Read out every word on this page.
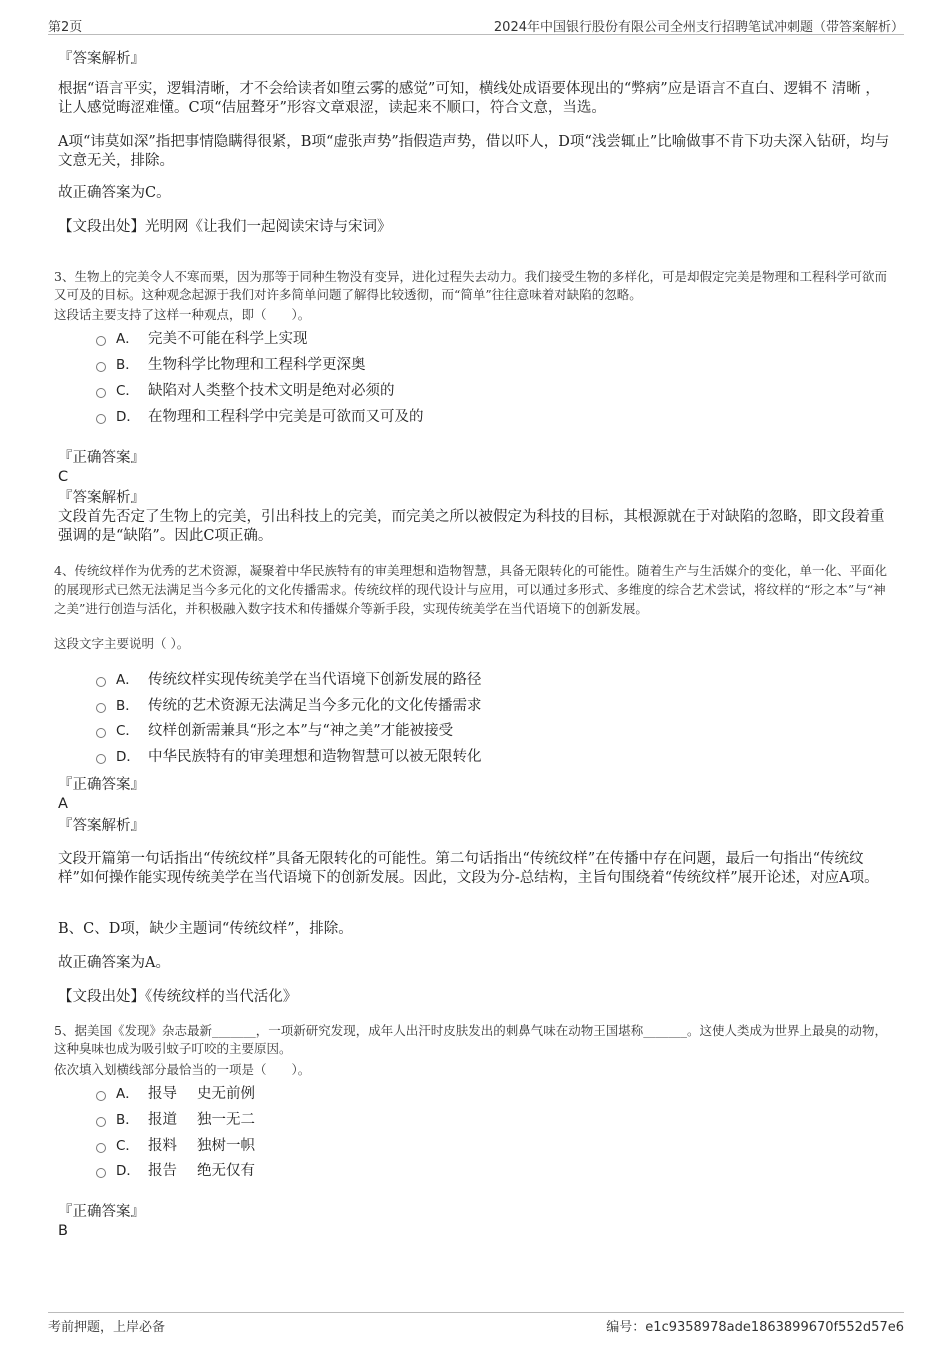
第2页	2024年中国银行股份有限公司全州支行招聘笔试冲刺题（带答案解析）
『答案解析』
根据“语言平实，逻辑清晰，才不会给读者如堕云雾的感觉”可知，横线处成语要体现出的“弊病”应是语言不直白、逻辑不 清晰 ，让人感觉晦涩难懂。C项“佶屈聱牙”形容文章艰涩，读起来不顺口，符合文意，当选。
A项“讳莫如深”指把事情隐瞒得很紧，B项“虚张声势”指假造声势，借以吓人，D项“浅尝辄止”比喻做事不肯下功夫深入钻研，均与文意无关，排除。
故正确答案为C。
【文段出处】光明网《让我们一起阅读宋诗与宋词》
3、生物上的完美令人不寒而栗，因为那等于同种生物没有变异，进化过程失去动力。我们接受生物的多样化，可是却假定完美是物理和工程科学可欲而又可及的目标。这种观念起源于我们对许多简单问题了解得比较透彻，而“简单”往往意味着对缺陷的忽略。
这段话主要支持了这样一种观点，即（　　）。
A． 完美不可能在科学上实现
B． 生物科学比物理和工程科学更深奥
C． 缺陷对人类整个技术文明是绝对必须的
D． 在物理和工程科学中完美是可欲而又可及的
『正确答案』
C
『答案解析』
文段首先否定了生物上的完美，引出科技上的完美，而完美之所以被假定为科技的目标，其根源就在于对缺陷的忽略，即文段着重强调的是“缺陷”。因此C项正确。
4、传统纹样作为优秀的艺术资源，凝聚着中华民族特有的审美理想和造物智慧，具备无限转化的可能性。随着生产与生活媒介的变化，单一化、平面化的展现形式已然无法满足当今多元化的文化传播需求。传统纹样的现代设计与应用，可以通过多形式、多维度的综合艺术尝试，将纹样的“形之本”与“神之美”进行创造与活化，并积极融入数字技术和传播媒介等新手段，实现传统美学在当代语境下的创新发展。
这段文字主要说明（ ）。
A． 传统纹样实现传统美学在当代语境下创新发展的路径
B． 传统的艺术资源无法满足当今多元化的文化传播需求
C． 纹样创新需兼具“形之本”与“神之美”才能被接受
D． 中华民族特有的审美理想和造物智慧可以被无限转化
『正确答案』
A
『答案解析』
文段开篇第一句话指出“传统纹样”具备无限转化的可能性。第二句话指出“传统纹样”在传播中存在问题，最后一句指出“传统纹样”如何操作能实现传统美学在当代语境下的创新发展。因此，文段为分-总结构，主旨句围绕着“传统纹样”展开论述，对应A项。
B、C、D项，缺少主题词“传统纹样”，排除。
故正确答案为A。
【文段出处】《传统纹样的当代活化》
5、据美国《发现》杂志最新_______，一项新研究发现，成年人出汗时皮肤发出的刺鼻气味在动物王国堪称_______。这使人类成为世界上最臭的动物，这种臭味也成为吸引蚊子叮咬的主要原因。
依次填入划横线部分最恰当的一项是（　　）。
A． 报导 史无前例
B． 报道 独一无二
C． 报料 独树一帜
D． 报告 绝无仅有
『正确答案』
B
考前押题，上岸必备	编号：e1c9358978ade1863899670f552d57e6
